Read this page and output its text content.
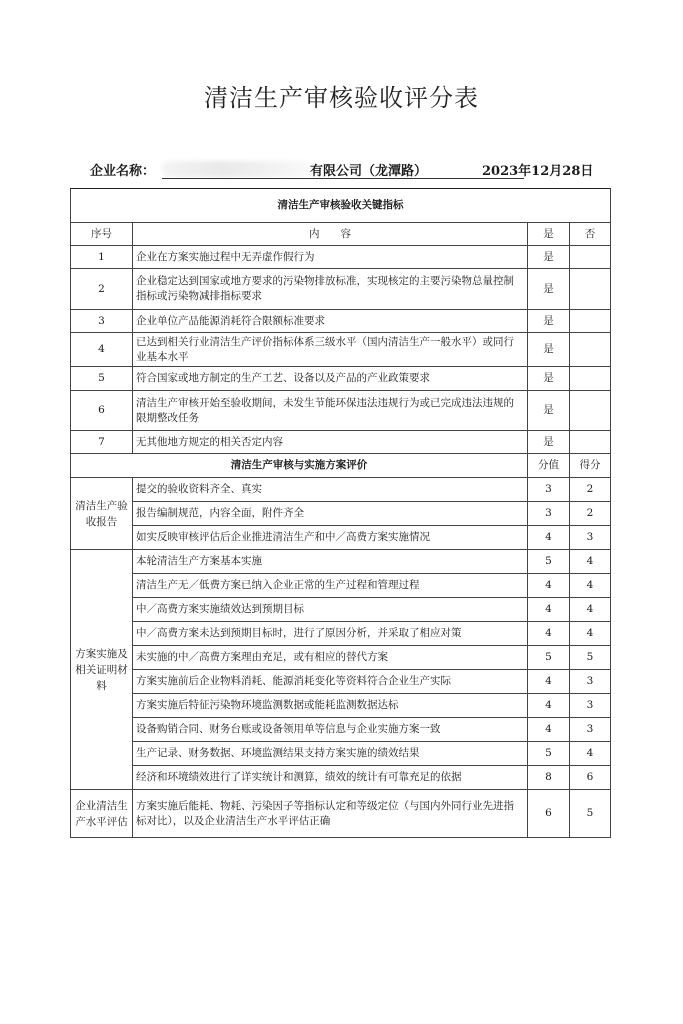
清洁生产审核验收评分表
企业名称：	有限公司（龙潭路）	2023年12月28日
清洁生产审核验收关键指标			
序号	内　　容	是	否
1	企业在方案实施过程中无弄虚作假行为	是	
2	企业稳定达到国家或地方要求的污染物排放标准，实现核定的主要污染物总量控制指标或污染物减排指标要求	是	
3	企业单位产品能源消耗符合限额标准要求	是	
4	已达到相关行业清洁生产评价指标体系三级水平（国内清洁生产一般水平）或同行业基本水平	是	
5	符合国家或地方制定的生产工艺、设备以及产品的产业政策要求	是	
6	清洁生产审核开始至验收期间，未发生节能环保违法违规行为或已完成违法违规的限期整改任务	是	
7	无其他地方规定的相关否定内容	是	
清洁生产审核与实施方案评价		分值	得分
清洁生产验收报告	提交的验收资料齐全、真实	3	2
	报告编制规范，内容全面，附件齐全	3	2
	如实反映审核评估后企业推进清洁生产和中／高费方案实施情况	4	3
方案实施及相关证明材料	本轮清洁生产方案基本实施	5	4
	清洁生产无／低费方案已纳入企业正常的生产过程和管理过程	4	4
	中／高费方案实施绩效达到预期目标	4	4
	中／高费方案未达到预期目标时，进行了原因分析，并采取了相应对策	4	4
	未实施的中／高费方案理由充足，或有相应的替代方案	5	5
	方案实施前后企业物料消耗、能源消耗变化等资料符合企业生产实际	4	3
	方案实施后特征污染物环境监测数据或能耗监测数据达标	4	3
	设备购销合同、财务台账或设备领用单等信息与企业实施方案一致	4	3
	生产记录、财务数据、环境监测结果支持方案实施的绩效结果	5	4
	经济和环境绩效进行了详实统计和测算，绩效的统计有可靠充足的依据	8	6
企业清洁生产水平评估	方案实施后能耗、物耗、污染因子等指标认定和等级定位（与国内外同行业先进指标对比），以及企业清洁生产水平评估正确	6	5
